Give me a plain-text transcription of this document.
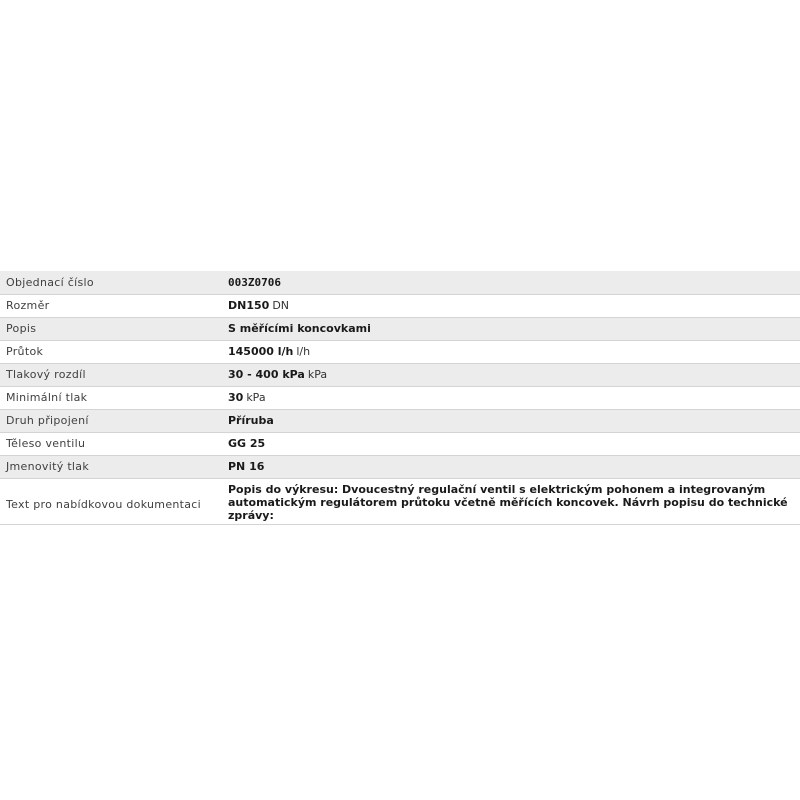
Objednací číslo	003Z0706
Rozměr	DN150 DN
Popis	S měřícími koncovkami
Průtok	145000 l/h l/h
Tlakový rozdíl	30 - 400 kPa kPa
Minimální tlak	30 kPa
Druh připojení	Příruba
Těleso ventilu	GG 25
Jmenovitý tlak	PN 16
Text pro nabídkovou dokumentaci	Popis do výkresu: Dvoucestný regulační ventil s elektrickým pohonem a integrovaným automatickým regulátorem průtoku včetně měřících koncovek. Návrh popisu do technické zprávy:
